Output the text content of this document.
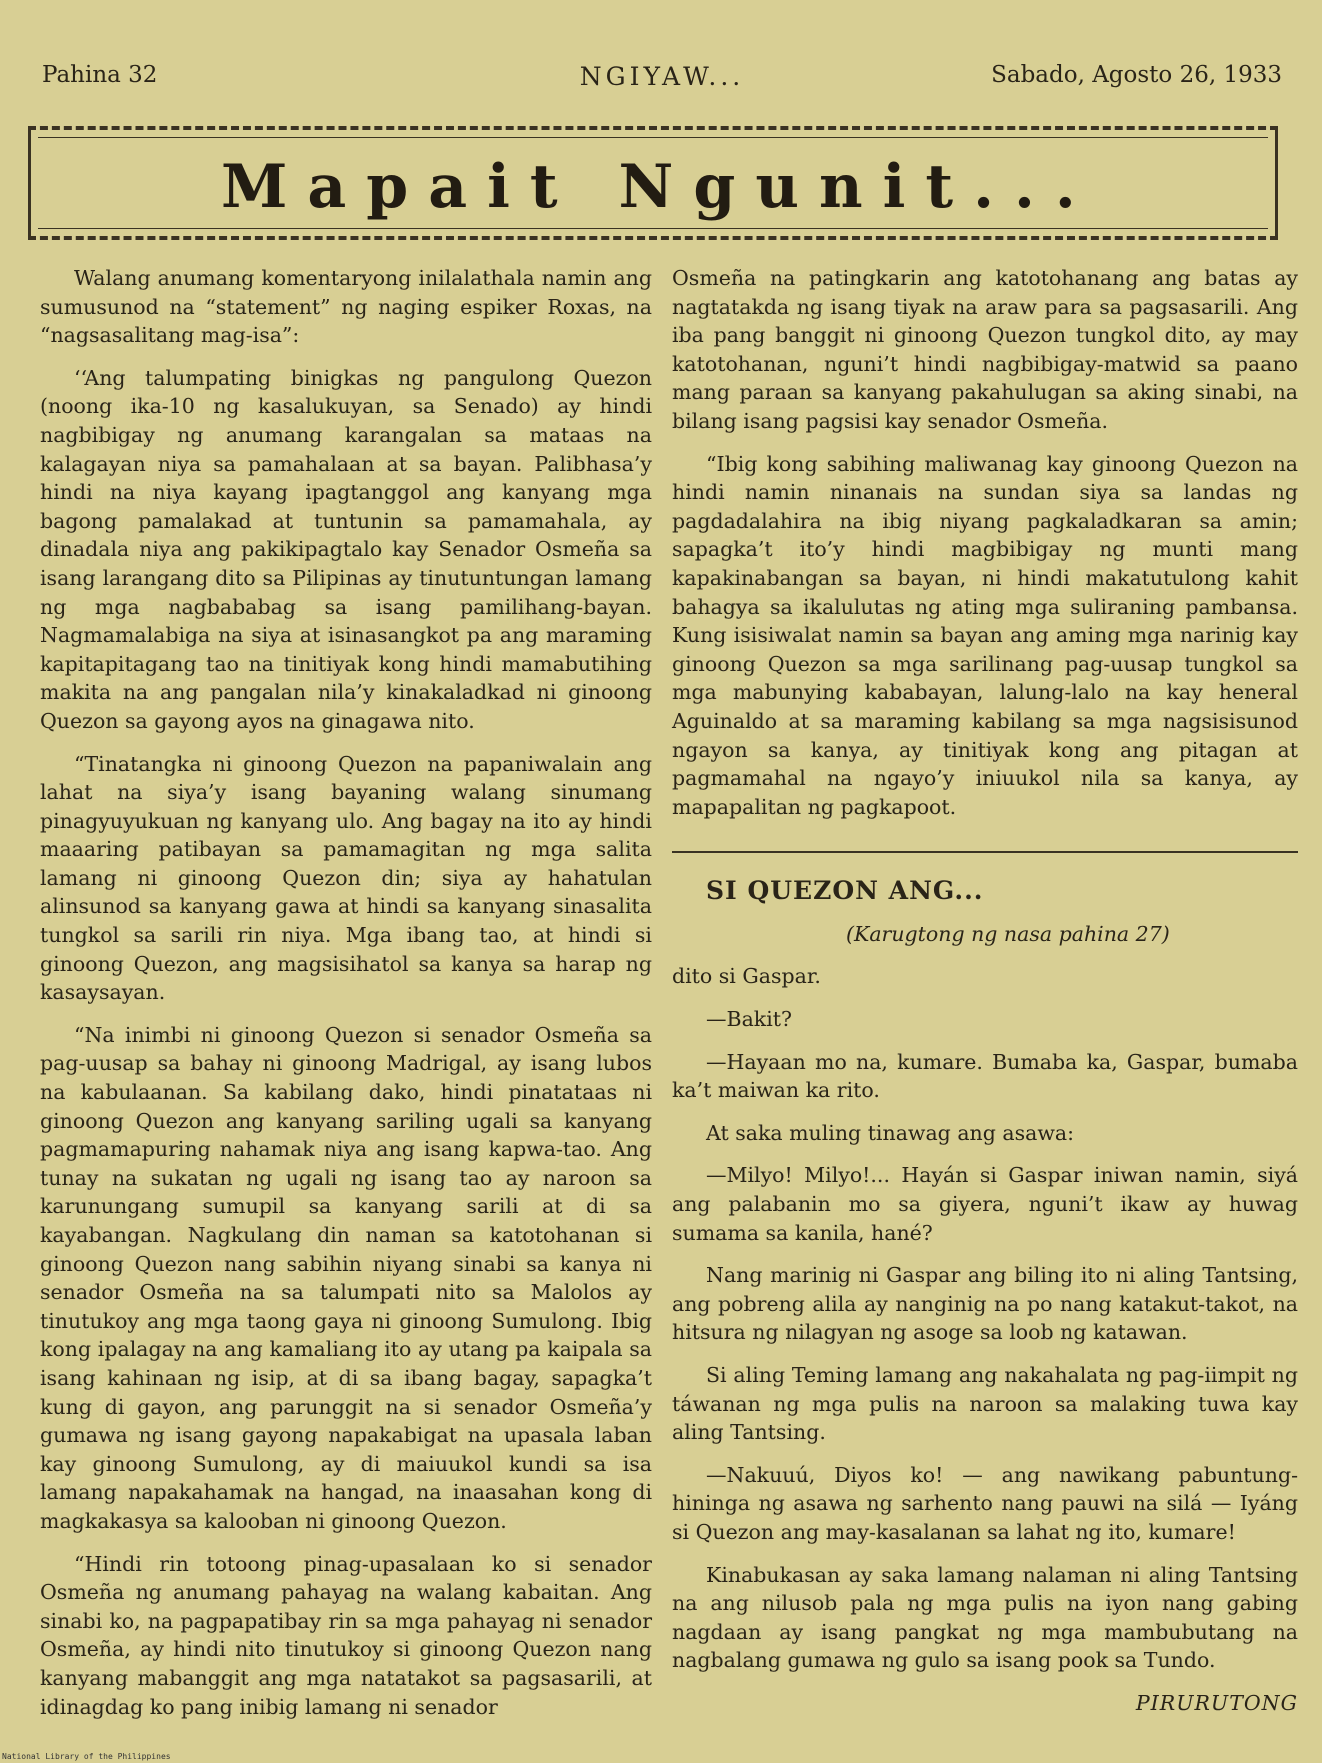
Pahina 32	NGIYAW...	Sabado, Agosto 26, 1933
Mapait Ngunit...

Walang anumang komentaryong inilalathala namin ang sumusunod na “statement” ng naging espiker Roxas, na “nagsasalitang mag-isa”:

‘‘Ang talumpating binigkas ng pangulong Quezon (noong ika-10 ng kasalukuyan, sa Senado) ay hindi nagbibigay ng anumang karangalan sa mataas na kalagayan niya sa pamahalaan at sa bayan. Palibhasa’y hindi na niya kayang ipagtanggol ang kanyang mga bagong pamalakad at tuntunin sa pamamahala, ay dinadala niya ang pakikipagtalo kay Senador Osmeña sa isang larangang dito sa Pilipinas ay tinutuntungan lamang ng mga nagbababag sa isang pamilihang-bayan. Nagmamalabiga na siya at isinasangkot pa ang maraming kapitapitagang tao na tinitiyak kong hindi mamabutihing makita na ang pangalan nila’y kinakaladkad ni ginoong Quezon sa gayong ayos na ginagawa nito.

“Tinatangka ni ginoong Quezon na papaniwalain ang lahat na siya’y isang bayaning walang sinumang pinagyuyukuan ng kanyang ulo. Ang bagay na ito ay hindi maaaring patibayan sa pamamagitan ng mga salita lamang ni ginoong Quezon din; siya ay hahatulan alinsunod sa kanyang gawa at hindi sa kanyang sinasalita tungkol sa sarili rin niya. Mga ibang tao, at hindi si ginoong Quezon, ang magsisihatol sa kanya sa harap ng kasaysayan.

“Na inimbi ni ginoong Quezon si senador Osmeña sa pag-uusap sa bahay ni ginoong Madrigal, ay isang lubos na kabulaanan. Sa kabilang dako, hindi pinatataas ni ginoong Quezon ang kanyang sariling ugali sa kanyang pagmamapuring nahamak niya ang isang kapwa-tao. Ang tunay na sukatan ng ugali ng isang tao ay naroon sa karunungang sumupil sa kanyang sarili at di sa kayabangan. Nagkulang din naman sa katotohanan si ginoong Quezon nang sabihin niyang sinabi sa kanya ni senador Osmeña na sa talumpati nito sa Malolos ay tinutukoy ang mga taong gaya ni ginoong Sumulong. Ibig kong ipalagay na ang kamaliang ito ay utang pa kaipala sa isang kahinaan ng isip, at di sa ibang bagay, sapagka’t kung di gayon, ang parunggit na si senador Osmeña’y gumawa ng isang gayong napakabigat na upasala laban kay ginoong Sumulong, ay di maiuukol kundi sa isa lamang napakahamak na hangad, na inaasahan kong di magkakasya sa kalooban ni ginoong Quezon.

“Hindi rin totoong pinag-upasalaan ko si senador Osmeña ng anumang pahayag na walang kabaitan. Ang sinabi ko, na pagpapatibay rin sa mga pahayag ni senador Osmeña, ay hindi nito tinutukoy si ginoong Quezon nang kanyang mabanggit ang mga natatakot sa pagsasarili, at idinagdag ko pang inibig lamang ni senador

Osmeña na patingkarin ang katotohanang ang batas ay nagtatakda ng isang tiyak na araw para sa pagsasarili. Ang iba pang banggit ni ginoong Quezon tungkol dito, ay may katotohanan, nguni’t hindi nagbibigay-matwid sa paano mang paraan sa kanyang pakahulugan sa aking sinabi, na bilang isang pagsisi kay senador Osmeña.

“Ibig kong sabihing maliwanag kay ginoong Quezon na hindi namin ninanais na sundan siya sa landas ng pagdadalahira na ibig niyang pagkaladkaran sa amin; sapagka’t ito’y hindi magbibigay ng munti mang kapakinabangan sa bayan, ni hindi makatutulong kahit bahagya sa ikalulutas ng ating mga suliraning pambansa. Kung isisiwalat namin sa bayan ang aming mga narinig kay ginoong Quezon sa mga sarilinang pag-uusap tungkol sa mga mabunying kababayan, lalung-lalo na kay heneral Aguinaldo at sa maraming kabilang sa mga nagsisisunod ngayon sa kanya, ay tinitiyak kong ang pitagan at pagmamahal na ngayo’y iniuukol nila sa kanya, ay mapapalitan ng pagkapoot.

SI QUEZON ANG...

(Karugtong ng nasa pahina 27)

dito si Gaspar.

—Bakit?

—Hayaan mo na, kumare. Bumaba ka, Gaspar, bumaba ka’t maiwan ka rito.

At saka muling tinawag ang asawa:

—Milyo! Milyo!... Hayán si Gaspar iniwan namin, siyá ang palabanin mo sa giyera, nguni’t ikaw ay huwag sumama sa kanila, hané?

Nang marinig ni Gaspar ang biling ito ni aling Tantsing, ang pobreng alila ay nanginig na po nang katakut-takot, na hitsura ng nilagyan ng asoge sa loob ng katawan.

Si aling Teming lamang ang nakahalata ng pag-iimpit ng táwanan ng mga pulis na naroon sa malaking tuwa kay aling Tantsing.

—Nakuuú, Diyos ko! — ang nawikang pabuntung-hininga ng asawa ng sarhento nang pauwi na silá — Iyáng si Quezon ang may-kasalanan sa lahat ng ito, kumare!

Kinabukasan ay saka lamang nalaman ni aling Tantsing na ang nilusob pala ng mga pulis na iyon nang gabing nagdaan ay isang pangkat ng mga mambubutang na nagbalang gumawa ng gulo sa isang pook sa Tundo.

PIRURUTONG

National Library of the Philippines
